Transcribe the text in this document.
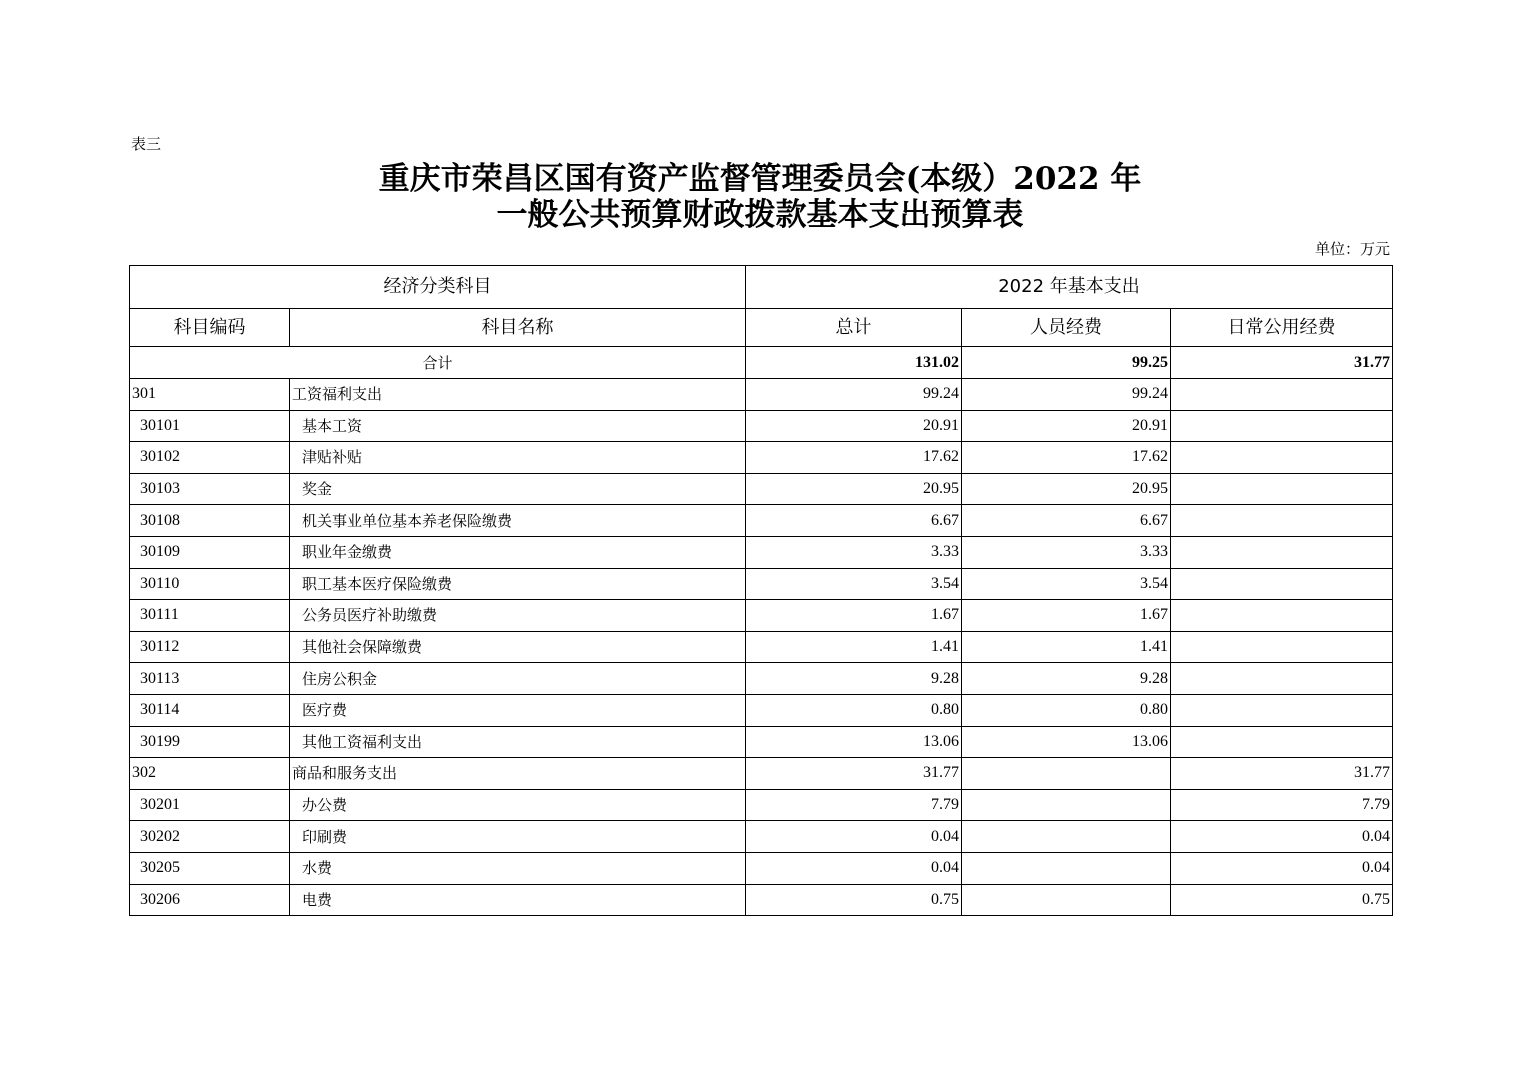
表三
重庆市荣昌区国有资产监督管理委员会(本级）2022 年
一般公共预算财政拨款基本支出预算表
单位：万元
经济分类科目		2022 年基本支出		
科目编码	科目名称	总计	人员经费	日常公用经费
合计		131.02	99.25	31.77
301	工资福利支出	99.24	99.24	
30101	基本工资	20.91	20.91	
30102	津贴补贴	17.62	17.62	
30103	奖金	20.95	20.95	
30108	机关事业单位基本养老保险缴费	6.67	6.67	
30109	职业年金缴费	3.33	3.33	
30110	职工基本医疗保险缴费	3.54	3.54	
30111	公务员医疗补助缴费	1.67	1.67	
30112	其他社会保障缴费	1.41	1.41	
30113	住房公积金	9.28	9.28	
30114	医疗费	0.80	0.80	
30199	其他工资福利支出	13.06	13.06	
302	商品和服务支出	31.77		31.77
30201	办公费	7.79		7.79
30202	印刷费	0.04		0.04
30205	水费	0.04		0.04
30206	电费	0.75		0.75
